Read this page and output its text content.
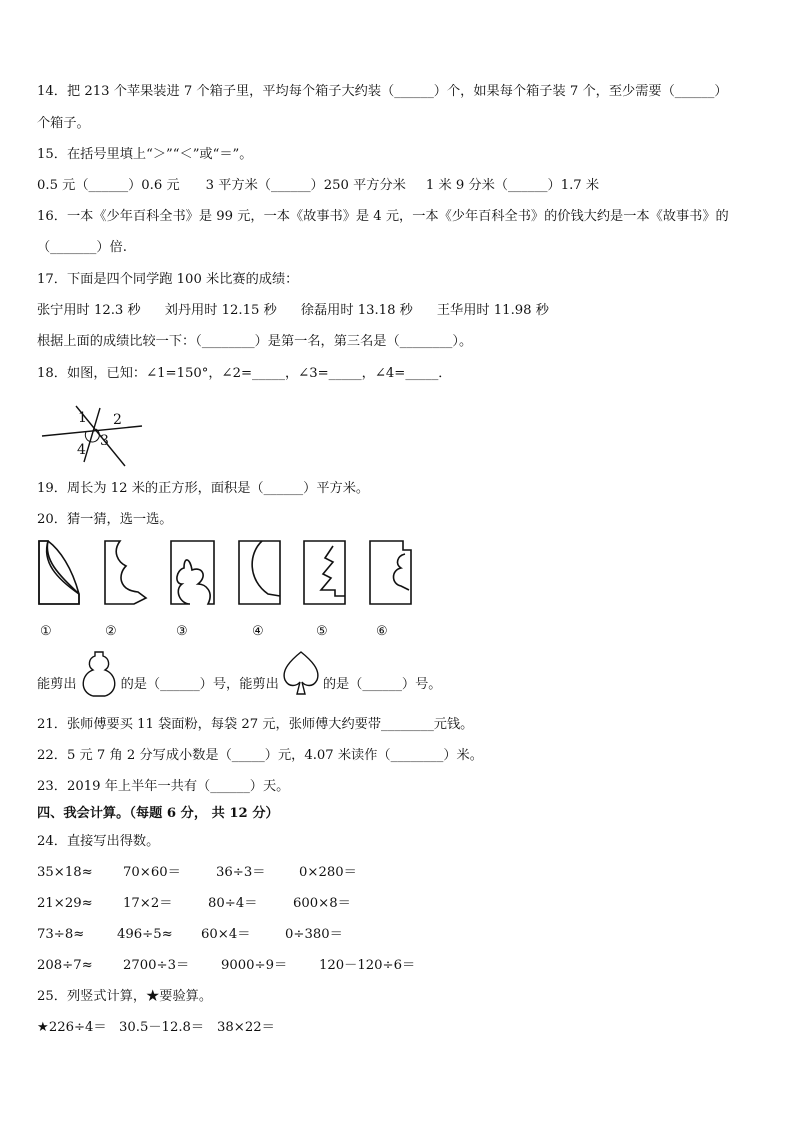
14．把 213 个苹果装进 7 个箱子里，平均每个箱子大约装（______）个，如果每个箱子装 7 个，至少需要（______）
个箱子。
15．在括号里填上“＞”“＜”或“＝”。
0.5 元（______）0.6 元 3 平方米（______）250 平方分米 1 米 9 分米（______）1.7 米
16．一本《少年百科全书》是 99 元，一本《故事书》是 4 元，一本《少年百科全书》的价钱大约是一本《故事书》的
（_______）倍.
17．下面是四个同学跑 100 米比赛的成绩：
张宁用时 12.3 秒 刘丹用时 12.15 秒 徐磊用时 13.18 秒 王华用时 11.98 秒
根据上面的成绩比较一下：（________）是第一名，第三名是（________）。
18．如图，已知：∠1=150°，∠2=_____，∠3=_____，∠4=_____．
1 2
3
4
19．周长为 12 米的正方形，面积是（______）平方米。
20．猜一猜，选一选。
①	②	③	④	⑤	⑥
能剪出	的是（______）号，能剪出	的是（______）号。
21．张师傅要买 11 袋面粉，每袋 27 元，张师傅大约要带________元钱。
22．5 元 7 角 2 分写成小数是（_____）元，4.07 米读作（________）米。
23．2019 年上半年一共有（______）天。
四、我会计算。（每题 6 分， 共 12 分）
24．直接写出得数。
35×18≈ 70×60＝	36÷3＝	0×280＝
21×29≈ 17×2＝	80÷4＝	600×8＝
73÷8≈ 496÷5≈ 60×4＝	0÷380＝
208÷7≈ 2700÷3＝ 9000÷9＝ 120－120÷6＝
25．列竖式计算，★要验算。
★226÷4＝ 30.5－12.8＝ 38×22＝
